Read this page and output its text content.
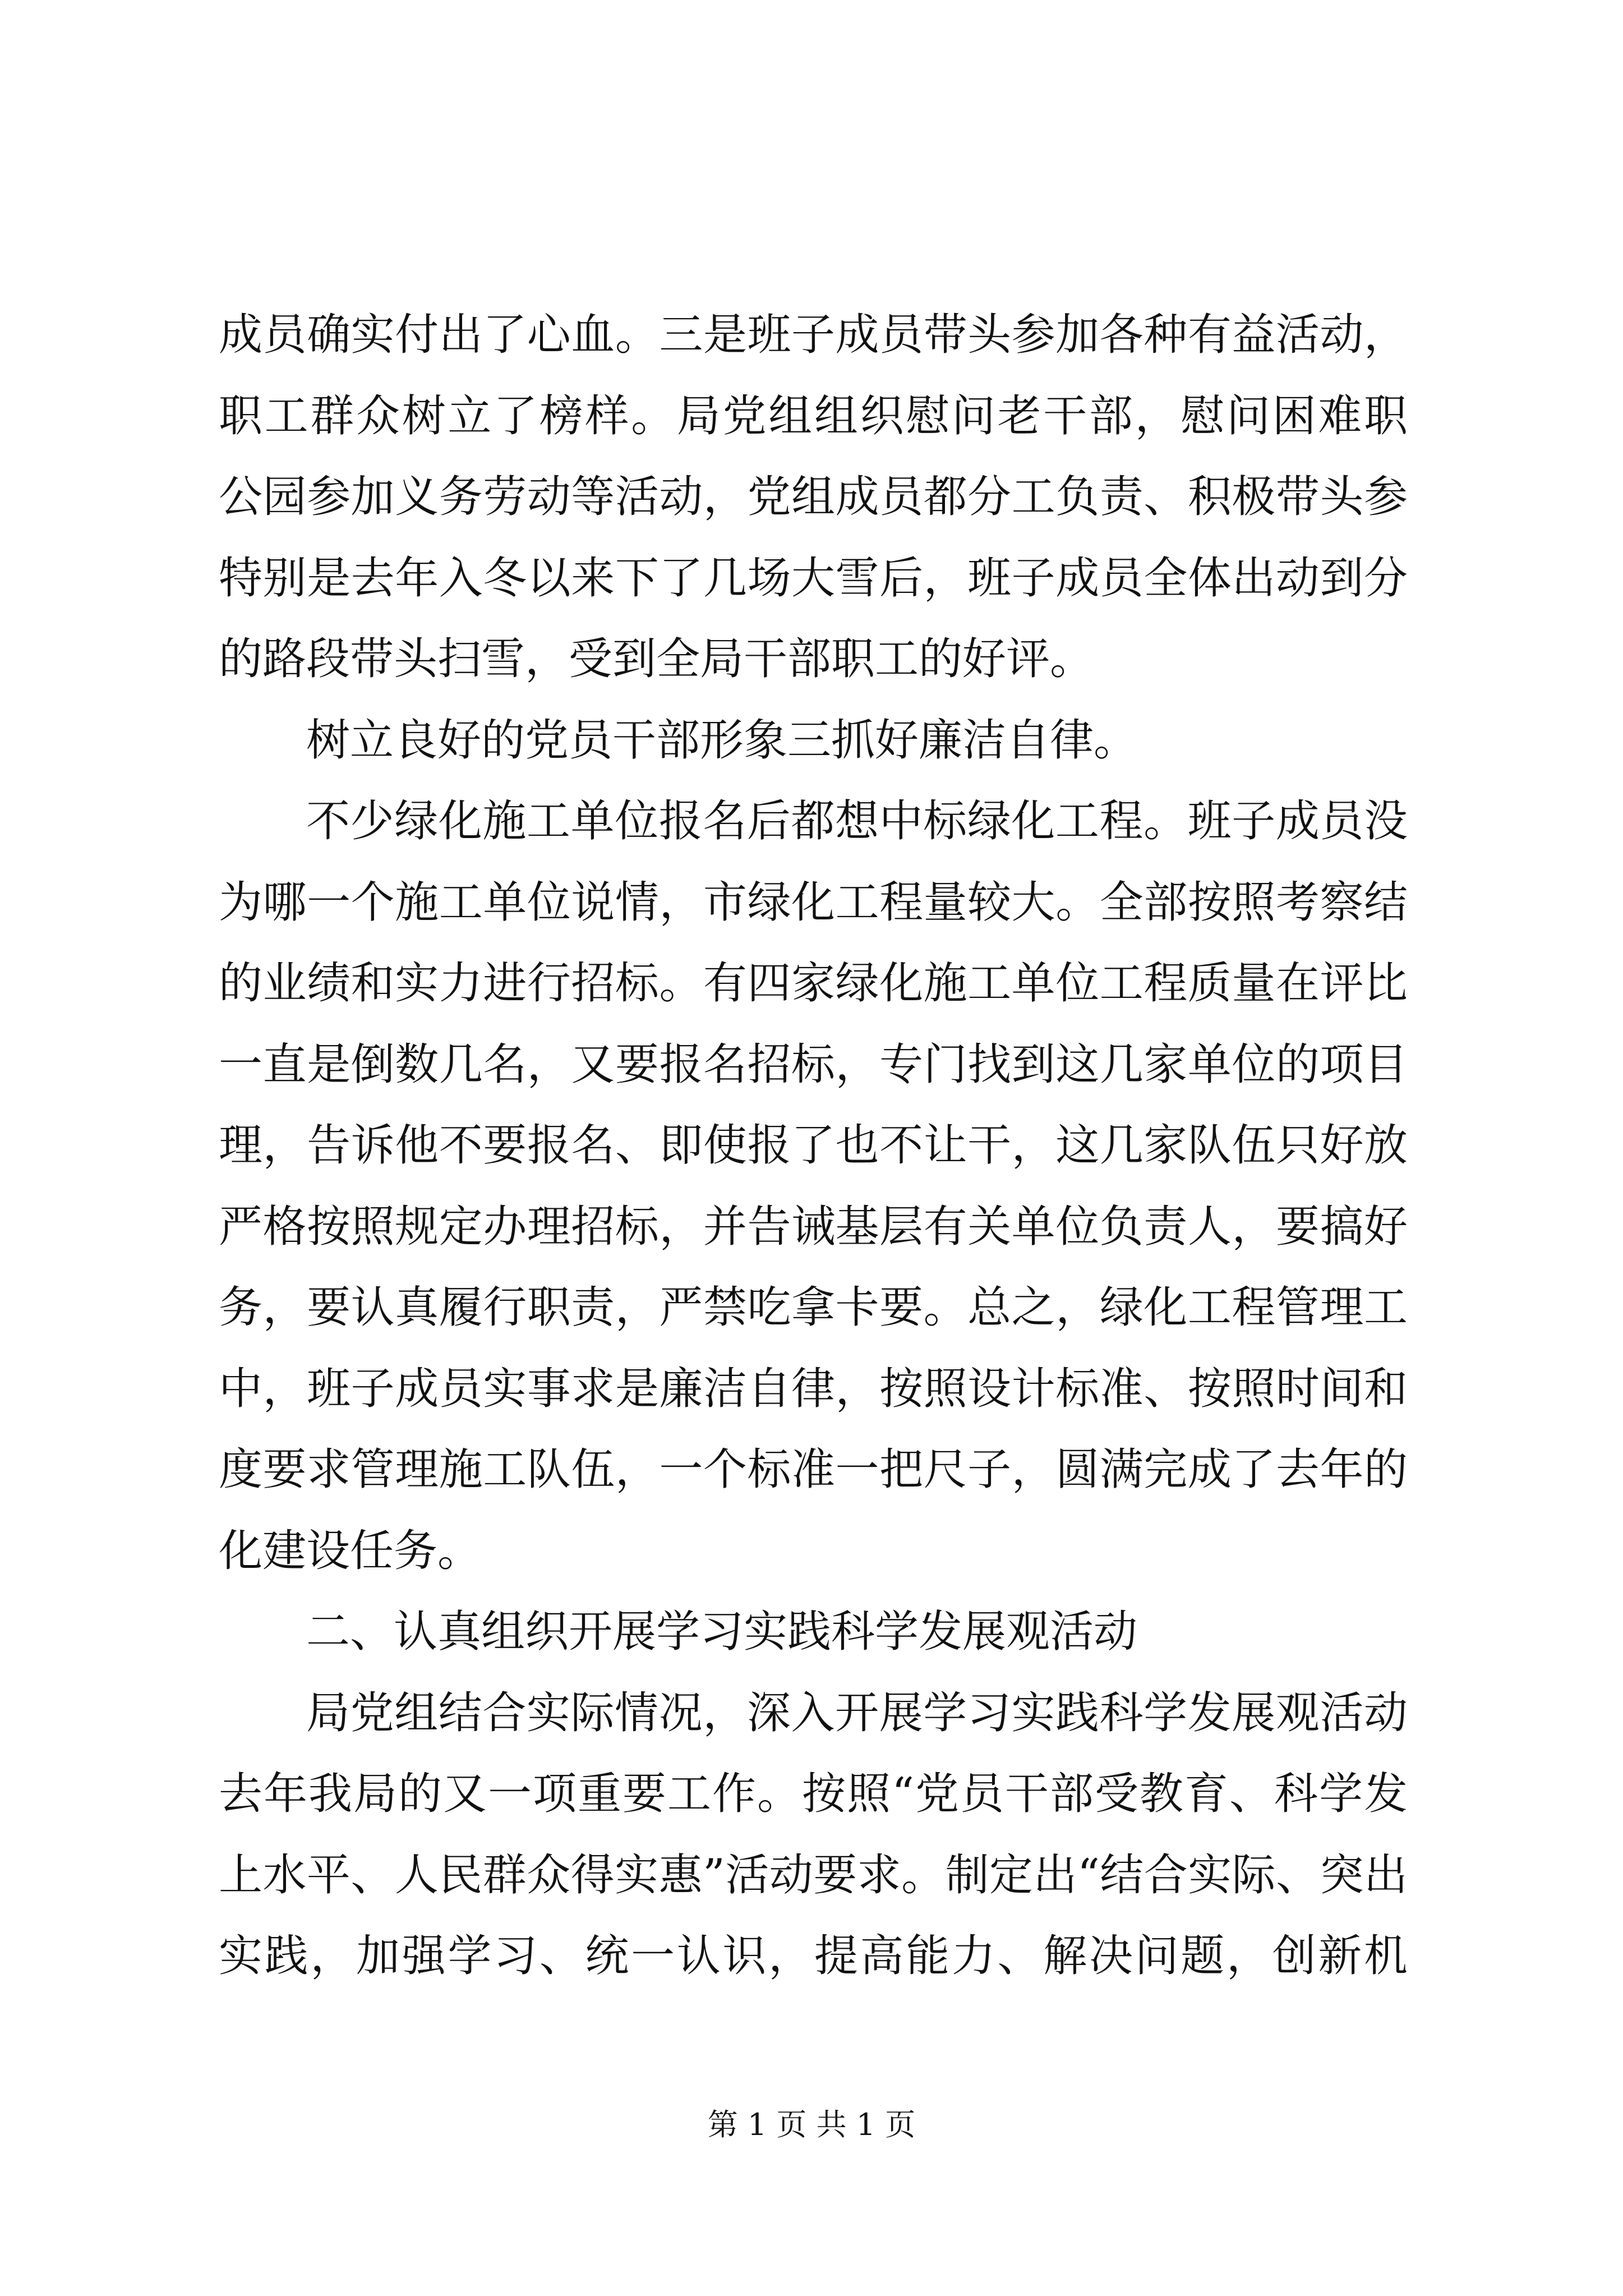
成员确实付出了心血。三是班子成员带头参加各种有益活动，
职工群众树立了榜样。局党组组织慰问老干部，慰问困难职
公园参加义务劳动等活动，党组成员都分工负责、积极带头参
特别是去年入冬以来下了几场大雪后，班子成员全体出动到分
的路段带头扫雪，受到全局干部职工的好评。
树立良好的党员干部形象三抓好廉洁自律。
不少绿化施工单位报名后都想中标绿化工程。班子成员没
为哪一个施工单位说情，市绿化工程量较大。全部按照考察结
的业绩和实力进行招标。有四家绿化施工单位工程质量在评比
一直是倒数几名，又要报名招标，专门找到这几家单位的项目
理，告诉他不要报名、即使报了也不让干，这几家队伍只好放
严格按照规定办理招标，并告诫基层有关单位负责人，要搞好
务，要认真履行职责，严禁吃拿卡要。总之，绿化工程管理工
中，班子成员实事求是廉洁自律，按照设计标准、按照时间和
度要求管理施工队伍，一个标准一把尺子，圆满完成了去年的
化建设任务。
二、认真组织开展学习实践科学发展观活动
局党组结合实际情况，深入开展学习实践科学发展观活动
去年我局的又一项重要工作。按照“党员干部受教育、科学发
上水平、人民群众得实惠”活动要求。制定出“结合实际、突出
实践，加强学习、统一认识，提高能力、解决问题，创新机
第 1 页 共 1 页
